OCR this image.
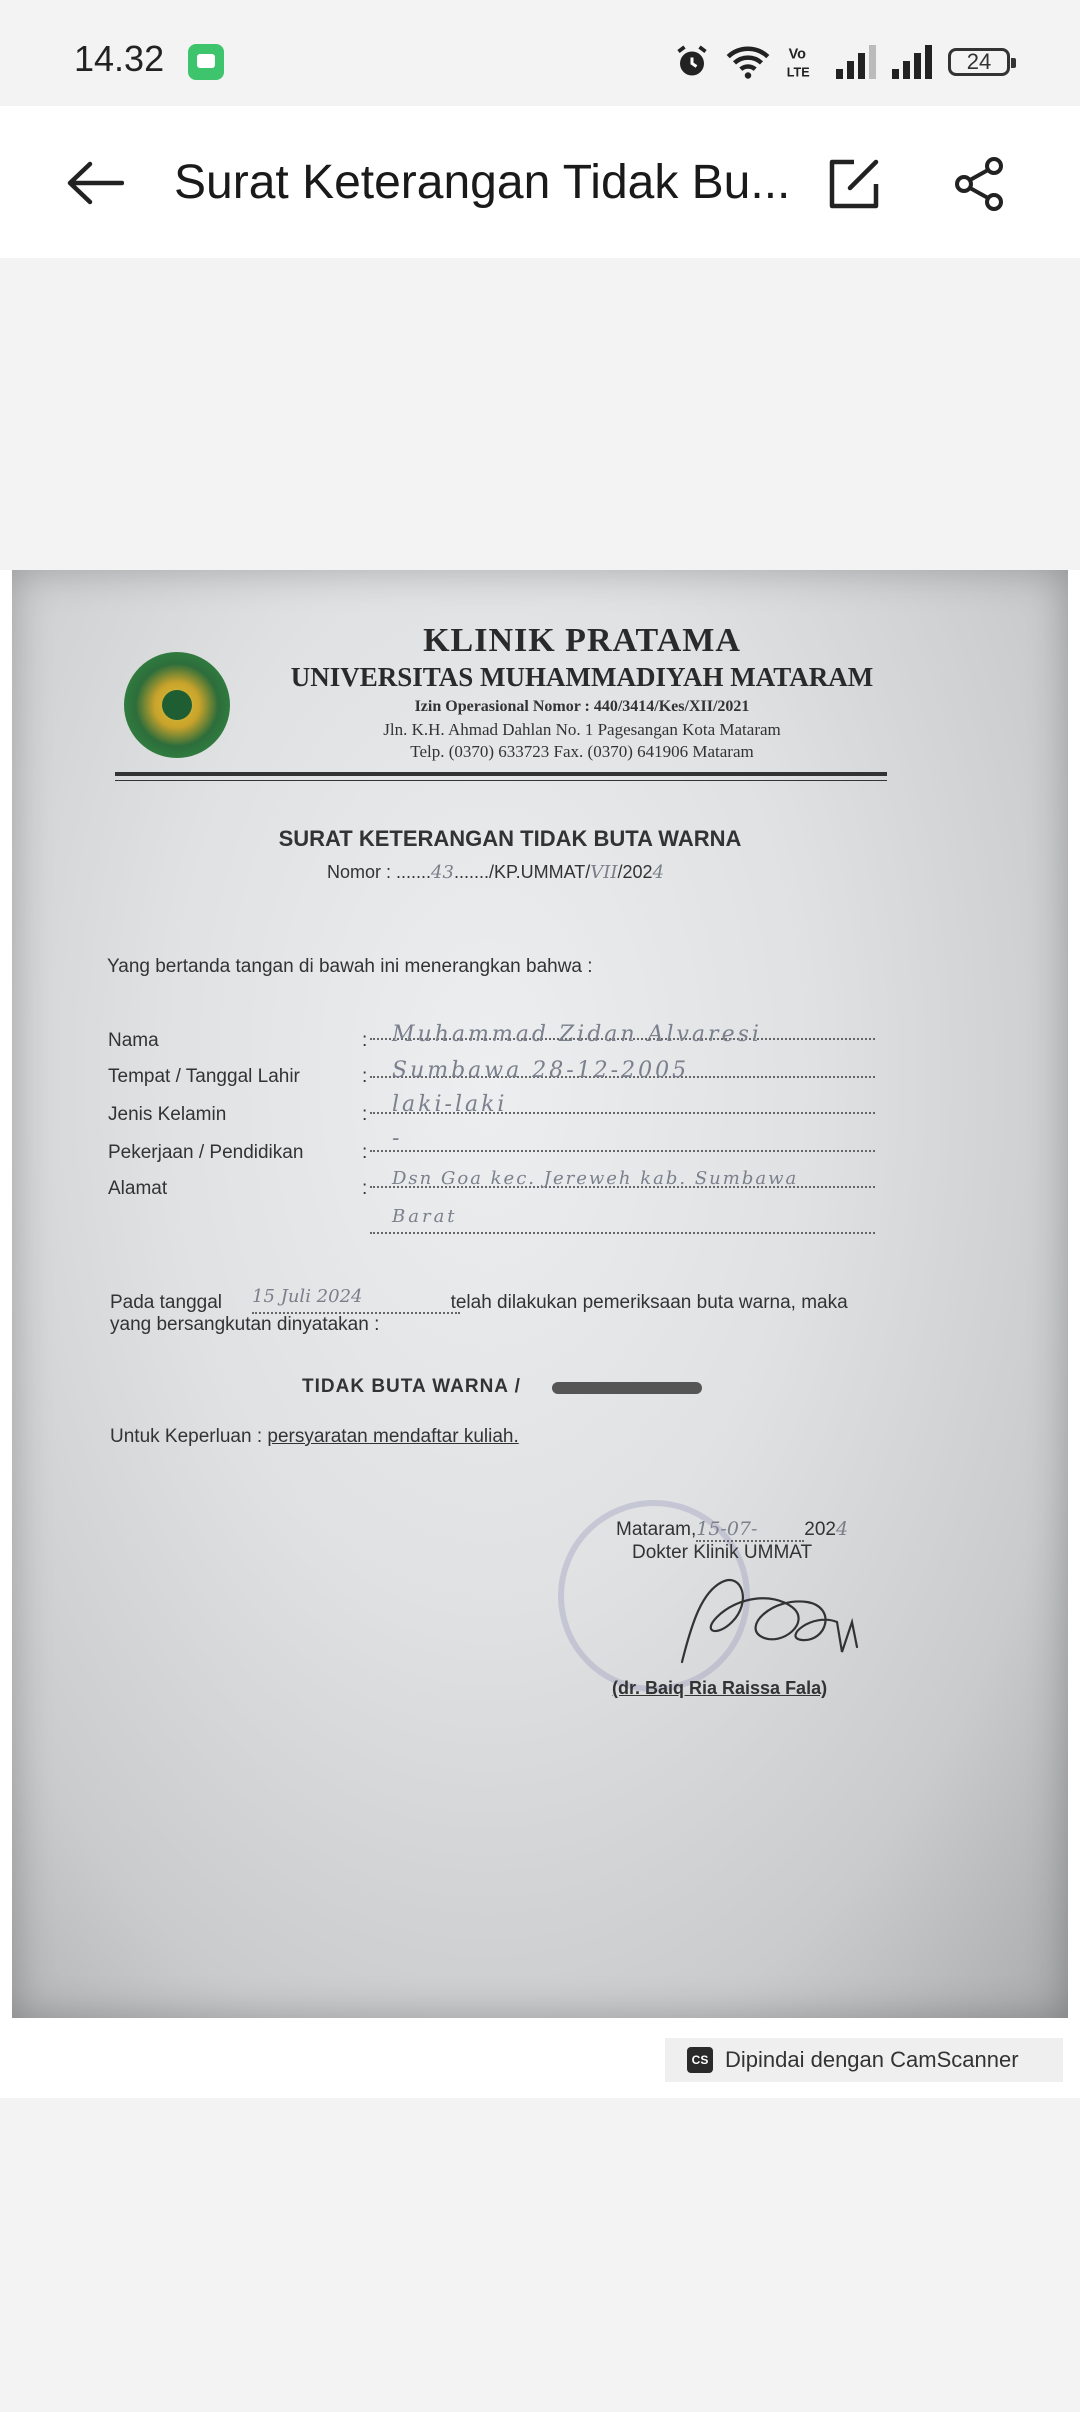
14.32	Vo
LTE	24
Surat Keterangan Tidak Bu...
KLINIK PRATAMA
UNIVERSITAS MUHAMMADIYAH MATARAM
Izin Operasional Nomor : 440/3414/Kes/XII/2021
Jln. K.H. Ahmad Dahlan No. 1 Pagesangan Kota Mataram
Telp. (0370) 633723 Fax. (0370) 641906 Mataram
SURAT KETERANGAN TIDAK BUTA WARNA
Nomor : .......43......./KP.UMMAT/VII/2024
Yang bertanda tangan di bawah ini menerangkan bahwa :
Nama	: Muhammad Zidan Alvaresi
Tempat / Tanggal Lahir	: Sumbawa 28-12-2005
Jenis Kelamin	: laki-laki
Pekerjaan / Pendidikan	:
-
Alamat	: Dsn Goa kec. Jereweh kab. Sumbawa
Barat
Pada tanggal	telah dilakukan pemeriksaan buta warna, maka
yang bersangkutan dinyatakan :
15 Juli 2024
TIDAK BUTA WARNA /
Untuk Keperluan : persyaratan mendaftar kuliah.
Mataram,15-07- 2024
Dokter Klinik UMMAT
(dr. Baiq Ria Raissa Fala)
CS Dipindai dengan CamScanner
